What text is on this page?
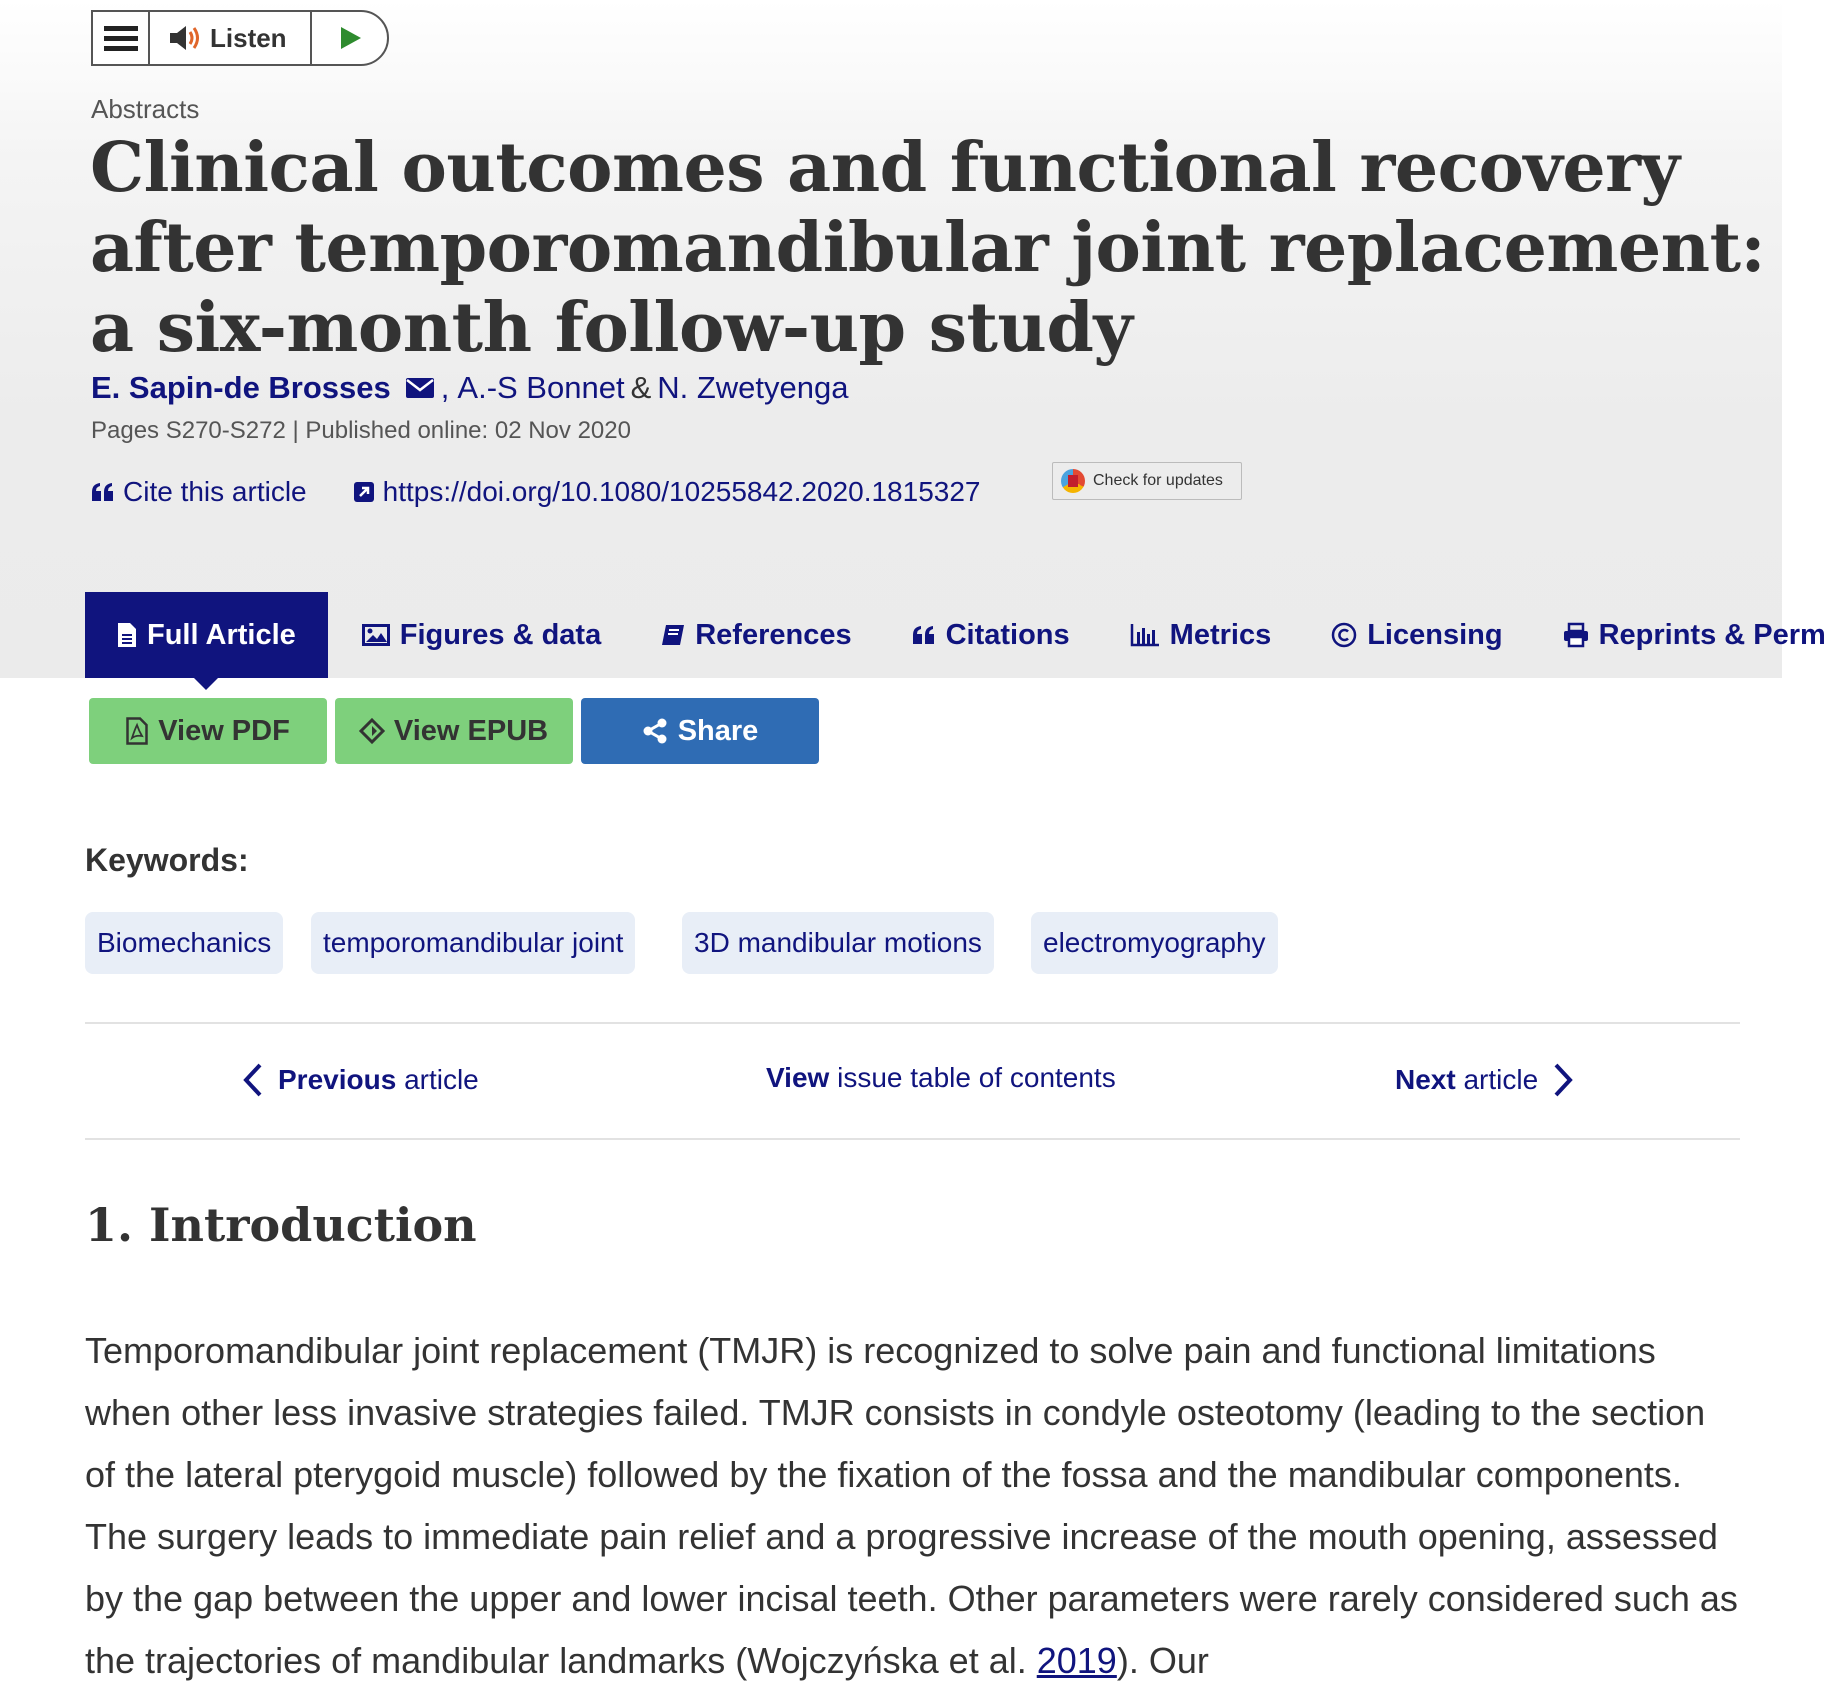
Listen
Abstracts
Clinical outcomes and functional recovery after temporomandibular joint replacement: a six-month follow-up study
E. Sapin-de Brosses , A.-S Bonnet & N. Zwetyenga
Pages S270-S272 | Published online: 02 Nov 2020
Cite this article	https://doi.org/10.1080/10255842.2020.1815327	Check for updates
Full Article	Figures & data	References	Citations	Metrics	Licensing	Reprints & Perm
View PDF	View EPUB	Share
Keywords:
Biomechanics	temporomandibular joint	3D mandibular motions	electromyography
Previous article	View issue table of contents	Next article
1. Introduction

Temporomandibular joint replacement (TMJR) is recognized to solve pain and functional limitations when other less invasive strategies failed. TMJR consists in condyle osteotomy (leading to the section of the lateral pterygoid muscle) followed by the fixation of the fossa and the mandibular components. The surgery leads to immediate pain relief and a progressive increase of the mouth opening, assessed by the gap between the upper and lower incisal teeth. Other parameters were rarely considered such as the trajectories of mandibular landmarks (Wojczyńska et al. 2019). Our
